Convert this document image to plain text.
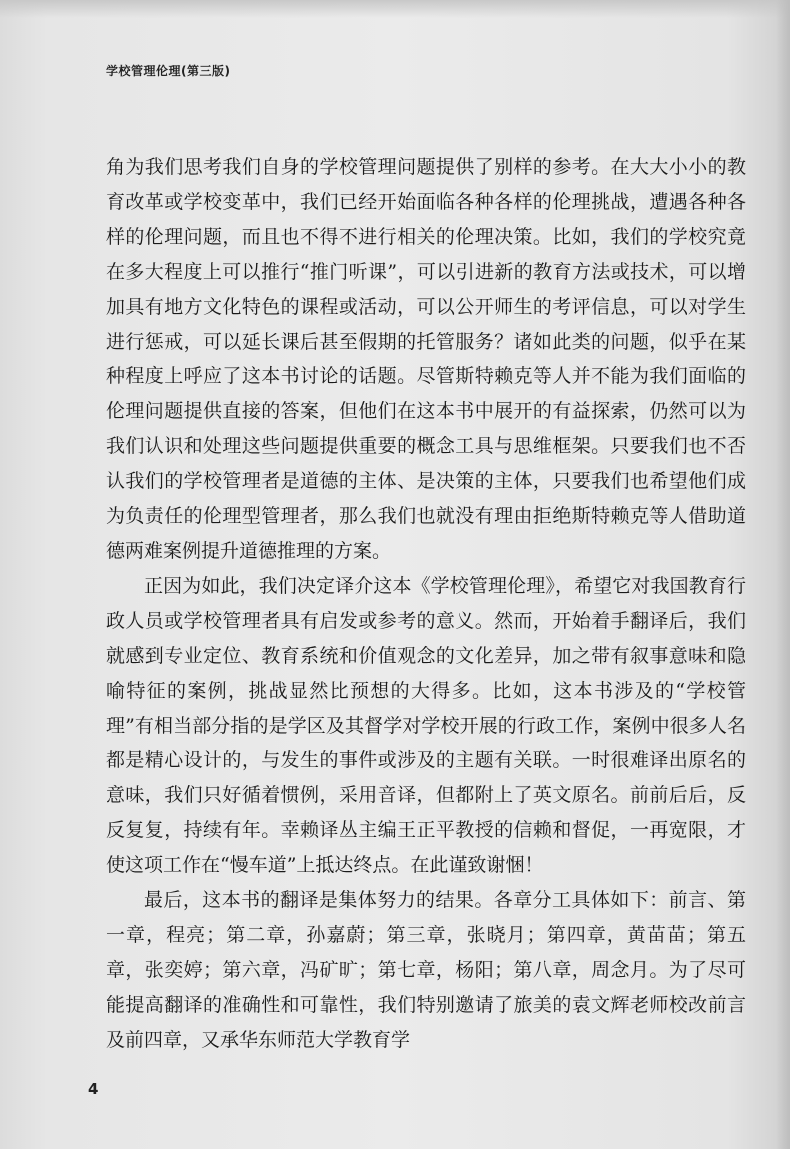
学校管理伦理(第三版)

角为我们思考我们自身的学校管理问题提供了别样的参考。在大大小小的教育改革或学校变革中，我们已经开始面临各种各样的伦理挑战，遭遇各种各样的伦理问题，而且也不得不进行相关的伦理决策。比如，我们的学校究竟在多大程度上可以推行“推门听课”，可以引进新的教育方法或技术，可以增加具有地方文化特色的课程或活动，可以公开师生的考评信息，可以对学生进行惩戒，可以延长课后甚至假期的托管服务？诸如此类的问题，似乎在某种程度上呼应了这本书讨论的话题。尽管斯特赖克等人并不能为我们面临的伦理问题提供直接的答案，但他们在这本书中展开的有益探索，仍然可以为我们认识和处理这些问题提供重要的概念工具与思维框架。只要我们也不否认我们的学校管理者是道德的主体、是决策的主体，只要我们也希望他们成为负责任的伦理型管理者，那么我们也就没有理由拒绝斯特赖克等人借助道德两难案例提升道德推理的方案。

正因为如此，我们决定译介这本《学校管理伦理》，希望它对我国教育行政人员或学校管理者具有启发或参考的意义。然而，开始着手翻译后，我们就感到专业定位、教育系统和价值观念的文化差异，加之带有叙事意味和隐喻特征的案例，挑战显然比预想的大得多。比如，这本书涉及的“学校管理”有相当部分指的是学区及其督学对学校开展的行政工作，案例中很多人名都是精心设计的，与发生的事件或涉及的主题有关联。一时很难译出原名的意味，我们只好循着惯例，采用音译，但都附上了英文原名。前前后后，反反复复，持续有年。幸赖译丛主编王正平教授的信赖和督促，一再宽限，才使这项工作在“慢车道”上抵达终点。在此谨致谢悃！

最后，这本书的翻译是集体努力的结果。各章分工具体如下：前言、第一章，程亮；第二章，孙嘉蔚；第三章，张晓月；第四章，黄苗苗；第五章，张奕婷；第六章，冯矿旷；第七章，杨阳；第八章，周念月。为了尽可能提高翻译的准确性和可靠性，我们特别邀请了旅美的袁文辉老师校改前言及前四章，又承华东师范大学教育学

4
